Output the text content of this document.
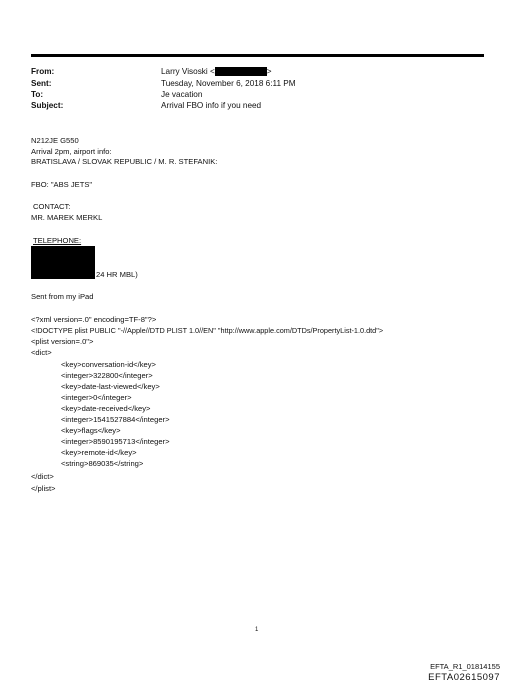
From:	Larry Visoski <	>
Sent:	Tuesday, November 6, 2018 6:11 PM
To:	Je vacation
Subject:	Arrival FBO info if you need
N212JE G550
Arrival 2pm, airport info:
BRATISLAVA / SLOVAK REPUBLIC / M. R. STEFANIK:
FBO: "ABS JETS"
CONTACT:
MR. MAREK MERKL
TELEPHONE:
24 HR MBL)
Sent from my iPad
<?xml version=.0" encoding=TF-8"?>
<!DOCTYPE plist PUBLIC "-//Apple//DTD PLIST 1.0//EN" "http://www.apple.com/DTDs/PropertyList-1.0.dtd">
<plist version=.0">
<dict>
<key>conversation-id</key>
<integer>322800</integer>
<key>date-last-viewed</key>
<integer>0</integer>
<key>date-received</key>
<integer>1541527884</integer>
<key>flags</key>
<integer>8590195713</integer>
<key>remote-id</key>
<string>869035</string>
</dict>
</plist>
1
EFTA_R1_01814155
EFTA02615097
